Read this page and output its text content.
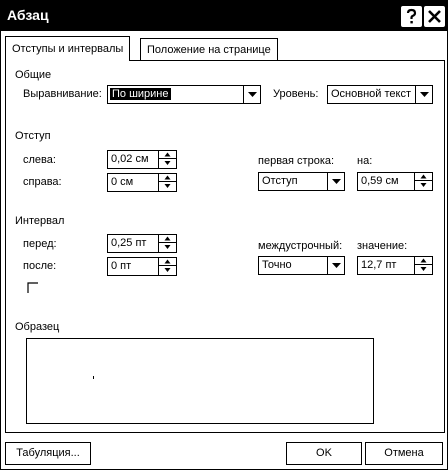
Абзац
Отступы и интервалы	Положение на странице
Общие
Выравнивание: По ширине	Уровень: Основной текст
Отступ
слева:	0,02 см
справа:	0 см
первая строка:
Отступ
на:
0,59 см
Интервал
перед:	0,25 пт
после:	0 пт
междустрочный:
Точно
значение:
12,7 пт
Образец
Табуляция...	OK	Отмена
